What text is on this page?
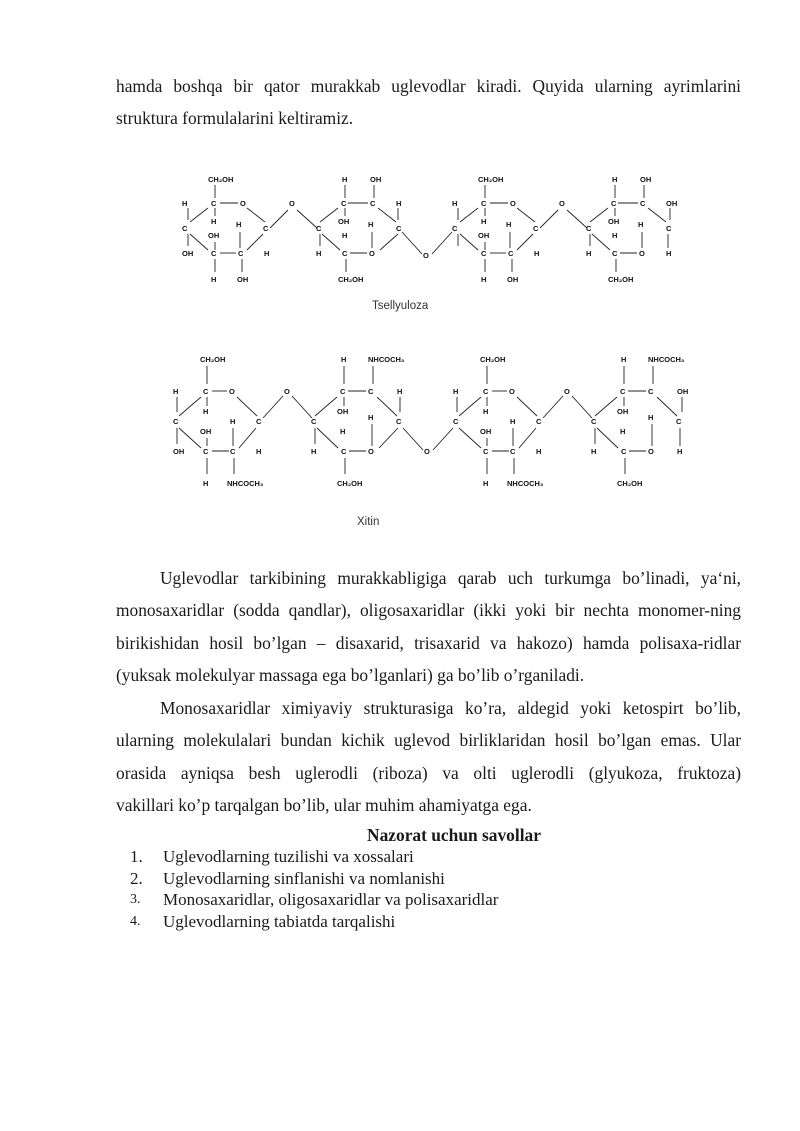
hamda boshqa bir qator murakkab uglevodlar kiradi. Quyida ularning ayrimlarini
struktura formulalarini keltiramiz.
CH₂OH
H	C	O
H
C	H	C
OH
OH C	C	H
H	OH
O
H	OH
C	C	H
OH
C	H	C
H
H	C	O
CH₂OH
O
CH₂OH
H	C	O
H
C	H	C
OH
C	C	H
H	OH
O
H	OH
C	C	OH
OH
C	H	C
H
H	C	O	H
CH₂OH
Tsellyuloza
CH₂OH
H	C	O
H
C	H	C
OH
OH	C	C	H
H NHCOCH₃
O
H	NHCOCH₃
C	C	H
OH
C	H	C
H
H	C	O
CH₂OH
O
CH₂OH
H	C	O
H
C	H	C
OH
C	C	H
H NHCOCH₃
O
H	NHCOCH₃
C	C	OH
OH
C	H	C
H
H	C	O	H
CH₂OH
Xitin
Uglevodlar tarkibining murakkabligiga qarab uch turkumga bo’linadi, ya‘ni,
monosaxaridlar (sodda qandlar), oligosaxaridlar (ikki yoki bir nechta monomer-ning
birikishidan hosil bo’lgan – disaxarid, trisaxarid va hakozo) hamda polisaxa-ridlar
(yuksak molekulyar massaga ega bo’lganlari) ga bo’lib o’rganiladi.
Monosaxaridlar ximiyaviy strukturasiga ko’ra, aldegid yoki ketospirt bo’lib,
ularning molekulalari bundan kichik uglevod birliklaridan hosil bo’lgan emas. Ular
orasida ayniqsa besh uglerodli (riboza) va olti uglerodli (glyukoza, fruktoza)
vakillari ko’p tarqalgan bo’lib, ular muhim ahamiyatga ega.
Nazorat uchun savollar
1.	Uglevodlarning tuzilishi va xossalari
2.	Uglevodlarning sinflanishi va nomlanishi
3.	Monosaxaridlar, oligosaxaridlar va polisaxaridlar
4.	Uglevodlarning tabiatda tarqalishi
